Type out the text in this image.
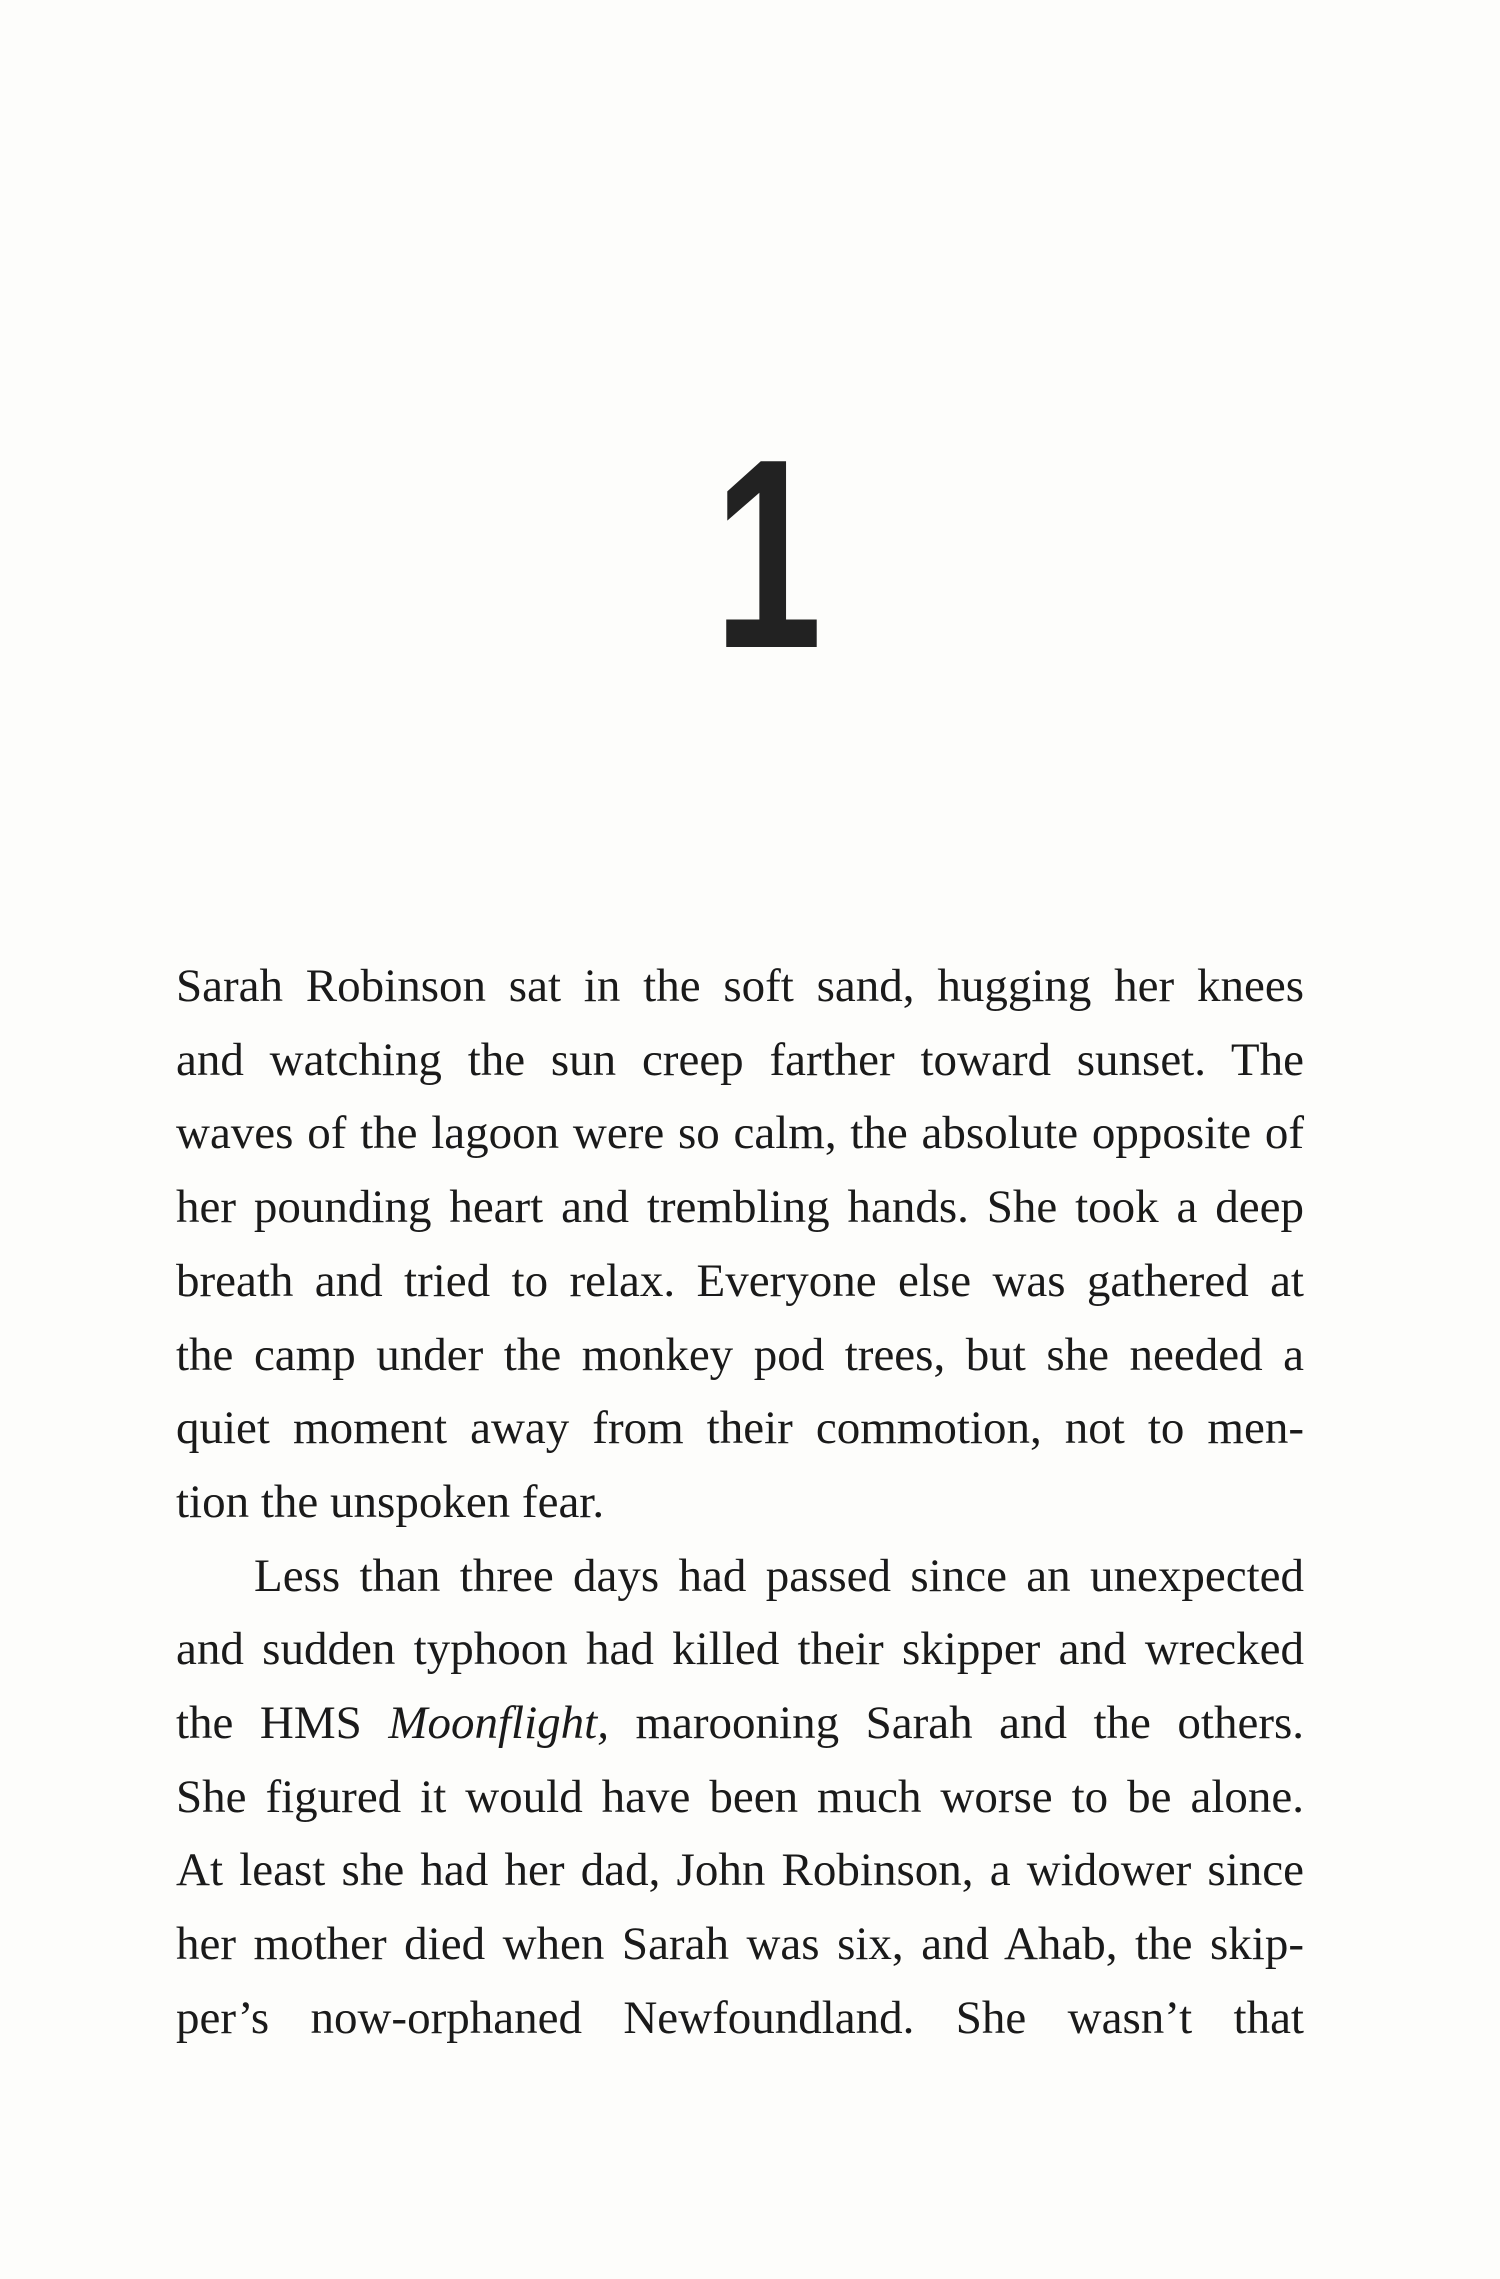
1

Sarah Robinson sat in the soft sand, hugging her knees
and watching the sun creep farther toward sunset. The
waves of the lagoon were so calm, the absolute opposite of
her pounding heart and trembling hands. She took a deep
breath and tried to relax. Everyone else was gathered at
the camp under the monkey pod trees, but she needed a
quiet moment away from their commotion, not to men-
tion the unspoken fear.

Less than three days had passed since an unexpected
and sudden typhoon had killed their skipper and wrecked
the HMS Moonflight, marooning Sarah and the others.
She figured it would have been much worse to be alone.
At least she had her dad, John Robinson, a widower since
her mother died when Sarah was six, and Ahab, the skip-
per’s now-orphaned Newfoundland. She wasn’t that
